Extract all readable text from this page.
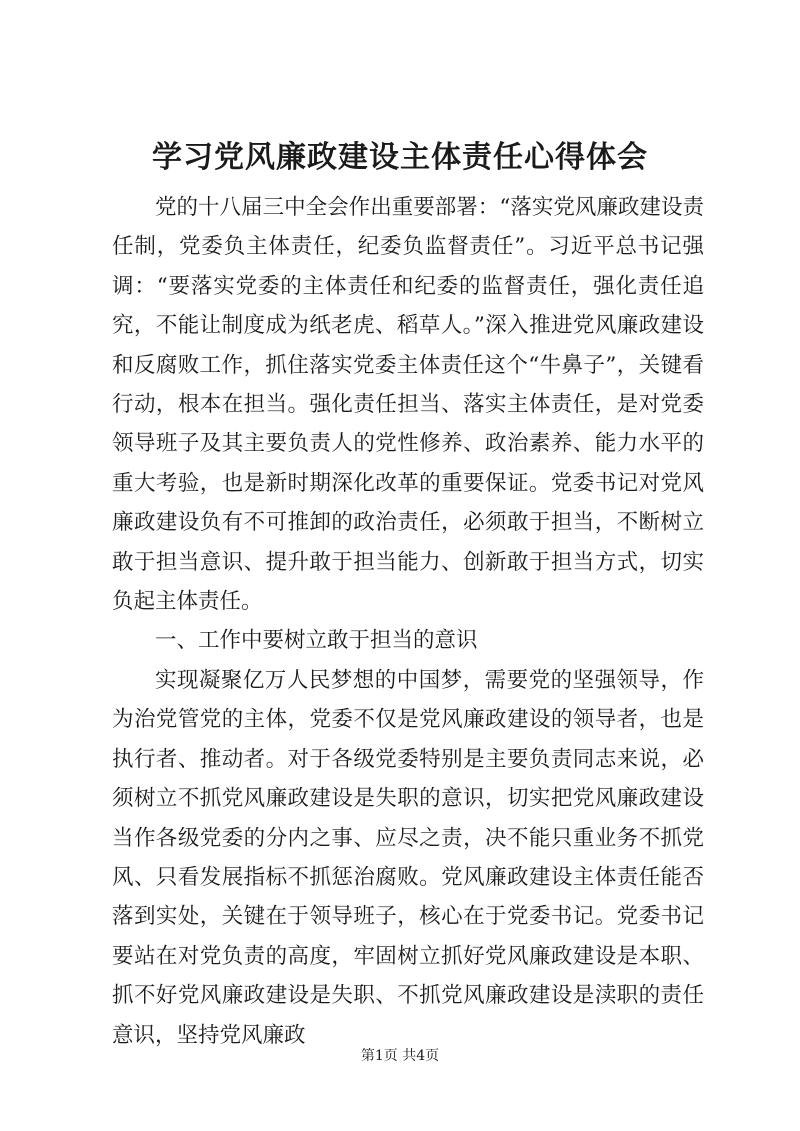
学习党风廉政建设主体责任心得体会

党的十八届三中全会作出重要部署：“落实党风廉政建设责任制，党委负主体责任，纪委负监督责任”。习近平总书记强调：“要落实党委的主体责任和纪委的监督责任，强化责任追究，不能让制度成为纸老虎、稻草人。”深入推进党风廉政建设和反腐败工作，抓住落实党委主体责任这个“牛鼻子”，关键看行动，根本在担当。强化责任担当、落实主体责任，是对党委领导班子及其主要负责人的党性修养、政治素养、能力水平的重大考验，也是新时期深化改革的重要保证。党委书记对党风廉政建设负有不可推卸的政治责任，必须敢于担当，不断树立敢于担当意识、提升敢于担当能力、创新敢于担当方式，切实负起主体责任。

一、工作中要树立敢于担当的意识

实现凝聚亿万人民梦想的中国梦，需要党的坚强领导，作为治党管党的主体，党委不仅是党风廉政建设的领导者，也是执行者、推动者。对于各级党委特别是主要负责同志来说，必须树立不抓党风廉政建设是失职的意识，切实把党风廉政建设当作各级党委的分内之事、应尽之责，决不能只重业务不抓党风、只看发展指标不抓惩治腐败。党风廉政建设主体责任能否落到实处，关键在于领导班子，核心在于党委书记。党委书记要站在对党负责的高度，牢固树立抓好党风廉政建设是本职、抓不好党风廉政建设是失职、不抓党风廉政建设是渎职的责任意识，坚持党风廉政

第1页 共4页
